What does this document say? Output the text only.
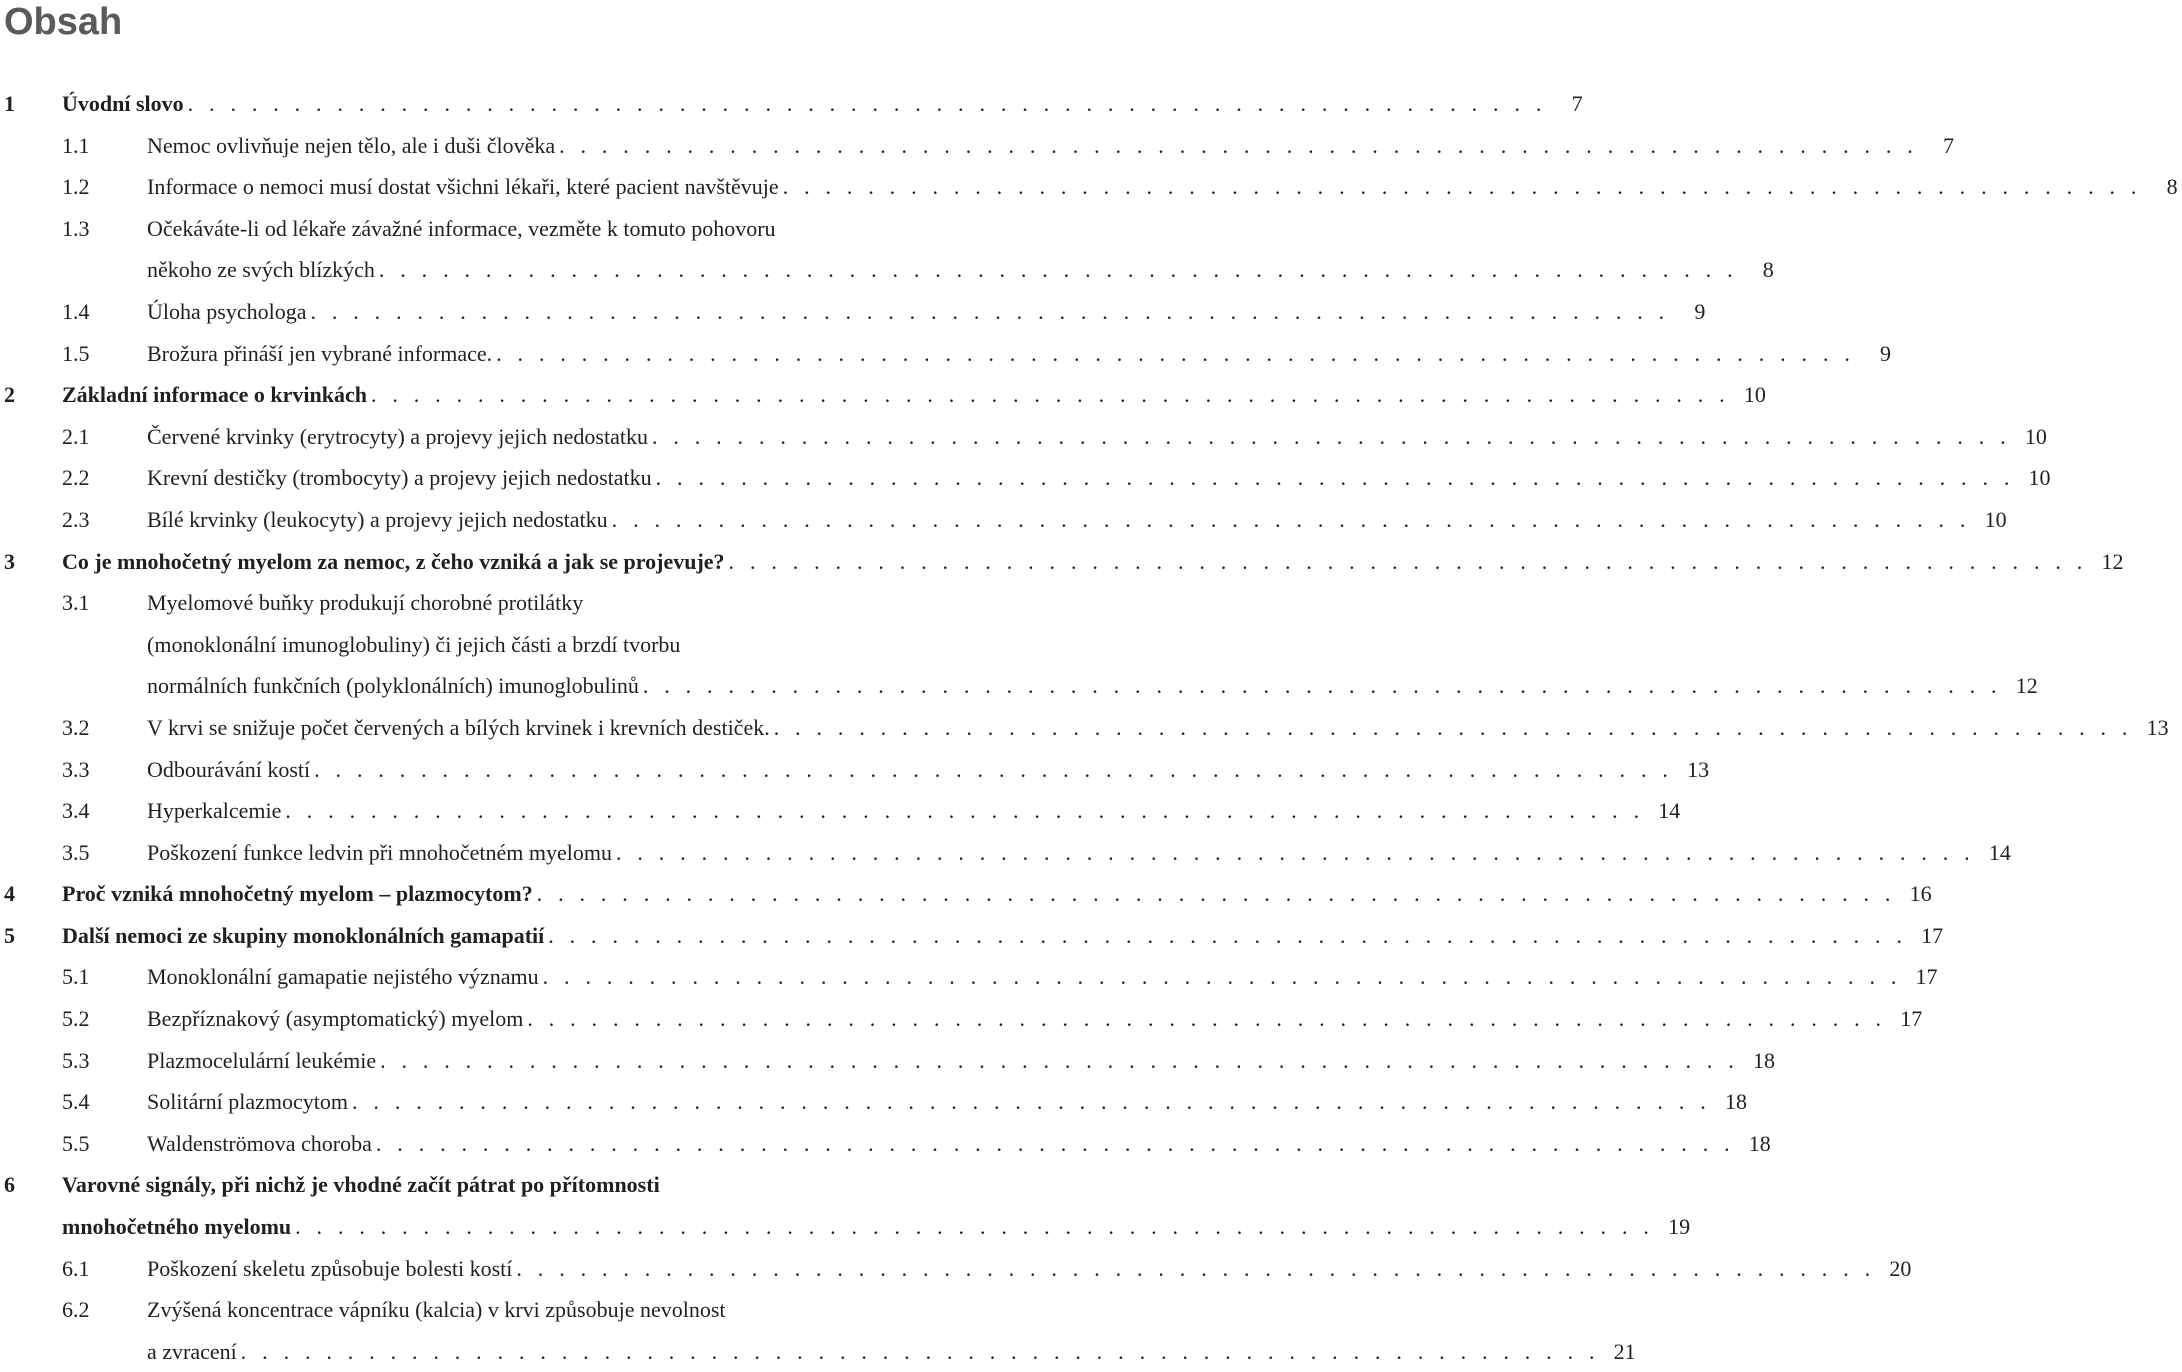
Obsah
1 Úvodní slovo . . . . . . . . . . . . . . . . . . . . . . . . . . . . . . . . . . . . . . . . . . . . . . . . . . . . . . . . . . . . . . . .	7
1.1	Nemoc ovlivňuje nejen tělo, ale i duši člověka . . . . . . . . . . . . . . . . . . . . . . . . . . . . . . . . . . . . . . . . . . . . . . . . . . . . . . . . . . . . . . . .	7
1.2	Informace o nemoci musí dostat všichni lékaři, které pacient navštěvuje . . . . . . . . . . . . . . . . . . . . . . . . . . . . . . . . . . . . . . . . . . . . . . . . . . . . . . . . . . . . . . . .	8
1.3	Očekáváte-li od lékaře závažné informace, vezměte k tomuto pohovoru
někoho ze svých blízkých . . . . . . . . . . . . . . . . . . . . . . . . . . . . . . . . . . . . . . . . . . . . . . . . . . . . . . . . . . . . . . . .	8
1.4	Úloha psychologa . . . . . . . . . . . . . . . . . . . . . . . . . . . . . . . . . . . . . . . . . . . . . . . . . . . . . . . . . . . . . . . .	9
1.5	Brožura přináší jen vybrané informace. . . . . . . . . . . . . . . . . . . . . . . . . . . . . . . . . . . . . . . . . . . . . . . . . . . . . . . . . . . . . . . . .	9
2 Základní informace o krvinkách . . . . . . . . . . . . . . . . . . . . . . . . . . . . . . . . . . . . . . . . . . . . . . . . . . . . . . . . . . . . . . . . 10
2.1	Červené krvinky (erytrocyty) a projevy jejich nedostatku . . . . . . . . . . . . . . . . . . . . . . . . . . . . . . . . . . . . . . . . . . . . . . . . . . . . . . . . . . . . . . . . 10
2.2	Krevní destičky (trombocyty) a projevy jejich nedostatku . . . . . . . . . . . . . . . . . . . . . . . . . . . . . . . . . . . . . . . . . . . . . . . . . . . . . . . . . . . . . . . . 10
2.3	Bílé krvinky (leukocyty) a projevy jejich nedostatku . . . . . . . . . . . . . . . . . . . . . . . . . . . . . . . . . . . . . . . . . . . . . . . . . . . . . . . . . . . . . . . . 10
3 Co je mnohočetný myelom za nemoc, z čeho vzniká a jak se projevuje? . . . . . . . . . . . . . . . . . . . . . . . . . . . . . . . . . . . . . . . . . . . . . . . . . . . . . . . . . . . . . . . . 12
3.1	Myelomové buňky produkují chorobné protilátky
(monoklonální imunoglobuliny) či jejich části a brzdí tvorbu
normálních funkčních (polyklonálních) imunoglobulinů . . . . . . . . . . . . . . . . . . . . . . . . . . . . . . . . . . . . . . . . . . . . . . . . . . . . . . . . . . . . . . . . 12
3.2	V krvi se snižuje počet červených a bílých krvinek i krevních destiček. . . . . . . . . . . . . . . . . . . . . . . . . . . . . . . . . . . . . . . . . . . . . . . . . . . . . . . . . . . . . . . . . 13
3.3	Odbourávání kostí . . . . . . . . . . . . . . . . . . . . . . . . . . . . . . . . . . . . . . . . . . . . . . . . . . . . . . . . . . . . . . . . 13
3.4	Hyperkalcemie . . . . . . . . . . . . . . . . . . . . . . . . . . . . . . . . . . . . . . . . . . . . . . . . . . . . . . . . . . . . . . . . 14
3.5	Poškození funkce ledvin při mnohočetném myelomu . . . . . . . . . . . . . . . . . . . . . . . . . . . . . . . . . . . . . . . . . . . . . . . . . . . . . . . . . . . . . . . . 14
4 Proč vzniká mnohočetný myelom – plazmocytom? . . . . . . . . . . . . . . . . . . . . . . . . . . . . . . . . . . . . . . . . . . . . . . . . . . . . . . . . . . . . . . . . 16
5 Další nemoci ze skupiny monoklonálních gamapatií . . . . . . . . . . . . . . . . . . . . . . . . . . . . . . . . . . . . . . . . . . . . . . . . . . . . . . . . . . . . . . . . 17
5.1	Monoklonální gamapatie nejistého významu . . . . . . . . . . . . . . . . . . . . . . . . . . . . . . . . . . . . . . . . . . . . . . . . . . . . . . . . . . . . . . . . 17
5.2	Bezpříznakový (asymptomatický) myelom . . . . . . . . . . . . . . . . . . . . . . . . . . . . . . . . . . . . . . . . . . . . . . . . . . . . . . . . . . . . . . . . 17
5.3	Plazmocelulární leukémie . . . . . . . . . . . . . . . . . . . . . . . . . . . . . . . . . . . . . . . . . . . . . . . . . . . . . . . . . . . . . . . . 18
5.4	Solitární plazmocytom . . . . . . . . . . . . . . . . . . . . . . . . . . . . . . . . . . . . . . . . . . . . . . . . . . . . . . . . . . . . . . . . 18
5.5	Waldenströmova choroba . . . . . . . . . . . . . . . . . . . . . . . . . . . . . . . . . . . . . . . . . . . . . . . . . . . . . . . . . . . . . . . . 18
6 Varovné signály, při nichž je vhodné začít pátrat po přítomnosti
mnohočetného myelomu . . . . . . . . . . . . . . . . . . . . . . . . . . . . . . . . . . . . . . . . . . . . . . . . . . . . . . . . . . . . . . . . 19
6.1	Poškození skeletu způsobuje bolesti kostí . . . . . . . . . . . . . . . . . . . . . . . . . . . . . . . . . . . . . . . . . . . . . . . . . . . . . . . . . . . . . . . . 20
6.2	Zvýšená koncentrace vápníku (kalcia) v krvi způsobuje nevolnost
a zvracení . . . . . . . . . . . . . . . . . . . . . . . . . . . . . . . . . . . . . . . . . . . . . . . . . . . . . . . . . . . . . . . . 21
